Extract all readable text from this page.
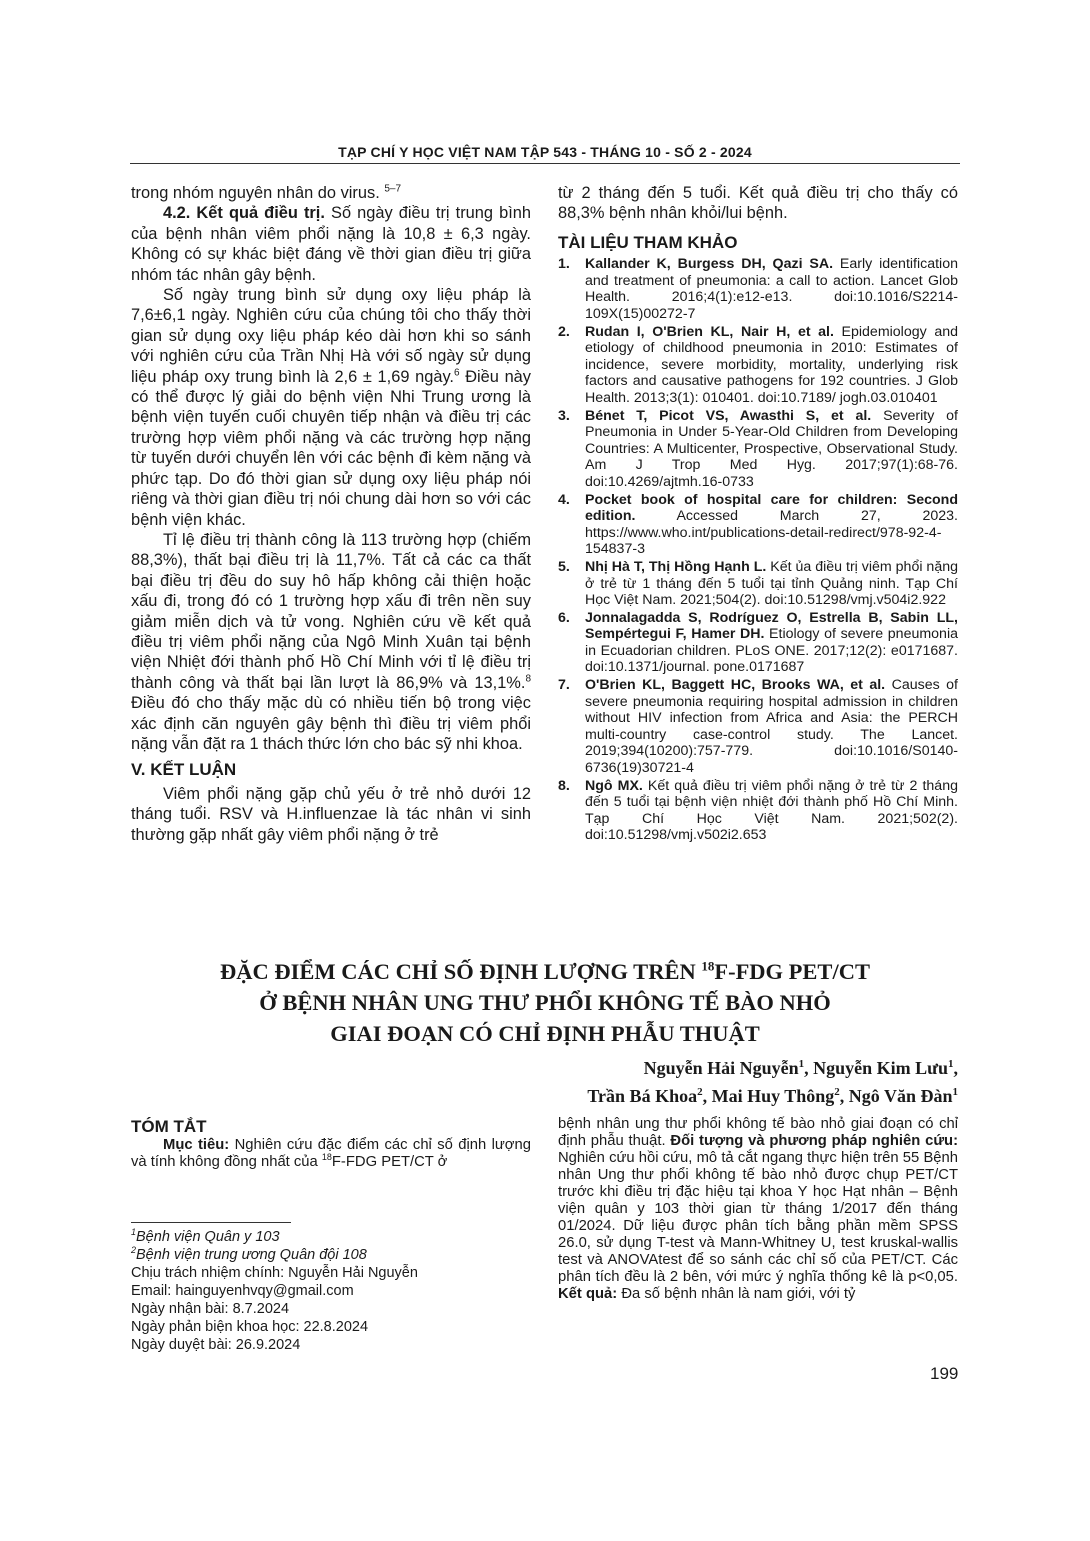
TẠP CHÍ Y HỌC VIỆT NAM TẬP 543 - THÁNG 10 - SỐ 2 - 2024

trong nhóm nguyên nhân do virus. $^{5-7}$

4.2. Kết quả điều trị. Số ngày điều trị trung bình của bệnh nhân viêm phổi nặng là 10,8 ± 6,3 ngày. Không có sự khác biệt đáng về thời gian điều trị giữa nhóm tác nhân gây bệnh.

Số ngày trung bình sử dụng oxy liệu pháp là 7,6±6,1 ngày. Nghiên cứu của chúng tôi cho thấy thời gian sử dụng oxy liệu pháp kéo dài hơn khi so sánh với nghiên cứu của Trần Nhị Hà với số ngày sử dụng liệu pháp oxy trung bình là 2,6 ± 1,69 ngày.$^6$ Điều này có thể được lý giải do bệnh viện Nhi Trung ương là bệnh viện tuyến cuối chuyên tiếp nhận và điều trị các trường hợp viêm phổi nặng và các trường hợp nặng từ tuyến dưới chuyển lên với các bệnh đi kèm nặng và phức tạp. Do đó thời gian sử dụng oxy liệu pháp nói riêng và thời gian điều trị nói chung dài hơn so với các bệnh viện khác.

Tỉ lệ điều trị thành công là 113 trường hợp (chiếm 88,3%), thất bại điều trị là 11,7%. Tất cả các ca thất bại điều trị đều do suy hô hấp không cải thiện hoặc xấu đi, trong đó có 1 trường hợp xấu đi trên nền suy giảm miễn dịch và tử vong. Nghiên cứu về kết quả điều trị viêm phổi nặng của Ngô Minh Xuân tại bệnh viện Nhiệt đới thành phố Hồ Chí Minh với tỉ lệ điều trị thành công và thất bại lần lượt là 86,9% và 13,1%.$^8$ Điều đó cho thấy mặc dù có nhiều tiến bộ trong việc xác định căn nguyên gây bệnh thì điều trị viêm phổi nặng vẫn đặt ra 1 thách thức lớn cho bác sỹ nhi khoa.

V. KẾT LUẬN

Viêm phổi nặng gặp chủ yếu ở trẻ nhỏ dưới 12 tháng tuổi. RSV và H.influenzae là tác nhân vi sinh thường gặp nhất gây viêm phổi nặng ở trẻ

từ 2 tháng đến 5 tuổi. Kết quả điều trị cho thấy có 88,3% bệnh nhân khỏi/lui bệnh.

TÀI LIỆU THAM KHẢO

1.	Kallander K, Burgess DH, Qazi SA. Early identification and treatment of pneumonia: a call to action. Lancet Glob Health. 2016;4(1):e12-e13. doi:10.1016/S2214-109X(15)00272-7
2.	Rudan I, O'Brien KL, Nair H, et al. Epidemiology and etiology of childhood pneumonia in 2010: Estimates of incidence, severe morbidity, mortality, underlying risk factors and causative pathogens for 192 countries. J Glob Health. 2013;3(1): 010401. doi:10.7189/ jogh.03.010401
3.	Bénet T, Picot VS, Awasthi S, et al. Severity of Pneumonia in Under 5-Year-Old Children from Developing Countries: A Multicenter, Prospective, Observational Study. Am J Trop Med Hyg. 2017;97(1):68-76. doi:10.4269/ajtmh.16-0733
4.	Pocket book of hospital care for children: Second edition. Accessed March 27, 2023. https://www.who.int/publications-detail-redirect/978-92-4-154837-3
5.	Nhị Hà T, Thị Hồng Hạnh L. Kết ủa điều trị viêm phổi nặng ở trẻ từ 1 tháng đến 5 tuổi tại tỉnh Quảng ninh. Tạp Chí Học Việt Nam. 2021;504(2). doi:10.51298/vmj.v504i2.922
6.	Jonnalagadda S, Rodríguez O, Estrella B, Sabin LL, Sempértegui F, Hamer DH. Etiology of severe pneumonia in Ecuadorian children. PLoS ONE. 2017;12(2): e0171687. doi:10.1371/journal. pone.0171687
7.	O'Brien KL, Baggett HC, Brooks WA, et al. Causes of severe pneumonia requiring hospital admission in children without HIV infection from Africa and Asia: the PERCH multi-country case-control study. The Lancet. 2019;394(10200):757-779. doi:10.1016/S0140-6736(19)30721-4
8.	Ngô MX. Kết quả điều trị viêm phổi nặng ở trẻ từ 2 tháng đến 5 tuổi tại bệnh viện nhiệt đới thành phố Hồ Chí Minh. Tạp Chí Học Việt Nam. 2021;502(2). doi:10.51298/vmj.v502i2.653
ĐẶC ĐIỂM CÁC CHỈ SỐ ĐỊNH LƯỢNG TRÊN $^{18}$F-FDG PET/CT
Ở BỆNH NHÂN UNG THƯ PHỔI KHÔNG TẾ BÀO NHỎ
GIAI ĐOẠN CÓ CHỈ ĐỊNH PHẪU THUẬT
Nguyễn Hải Nguyễn$^1$, Nguyễn Kim Lưu$^1$,
Trần Bá Khoa$^2$, Mai Huy Thông$^2$, Ngô Văn Đàn$^1$

TÓM TẮT

Mục tiêu: Nghiên cứu đặc điểm các chỉ số định lượng và tính không đồng nhất của $^{18}$F-FDG PET/CT ở

$^1$Bệnh viện Quân y 103

$^2$Bệnh viện trung ương Quân đội 108

Chịu trách nhiệm chính: Nguyễn Hải Nguyễn

Email: hainguyenhvqy@gmail.com

Ngày nhận bài: 8.7.2024

Ngày phản biện khoa học: 22.8.2024

Ngày duyệt bài: 26.9.2024

bệnh nhân ung thư phổi không tế bào nhỏ giai đoạn có chỉ định phẫu thuật. Đối tượng và phương pháp nghiên cứu: Nghiên cứu hồi cứu, mô tả cắt ngang thực hiện trên 55 Bệnh nhân Ung thư phổi không tế bào nhỏ được chụp PET/CT trước khi điều trị đặc hiệu tại khoa Y học Hạt nhân – Bệnh viện quân y 103 thời gian từ tháng 1/2017 đến tháng 01/2024. Dữ liệu được phân tích bằng phần mềm SPSS 26.0, sử dụng T-test và Mann-Whitney U, test kruskal-wallis test và ANOVAtest để so sánh các chỉ số của PET/CT. Các phân tích đều là 2 bên, với mức ý nghĩa thống kê là p<0,05. Kết quả: Đa số bệnh nhân là nam giới, với tỷ

199
